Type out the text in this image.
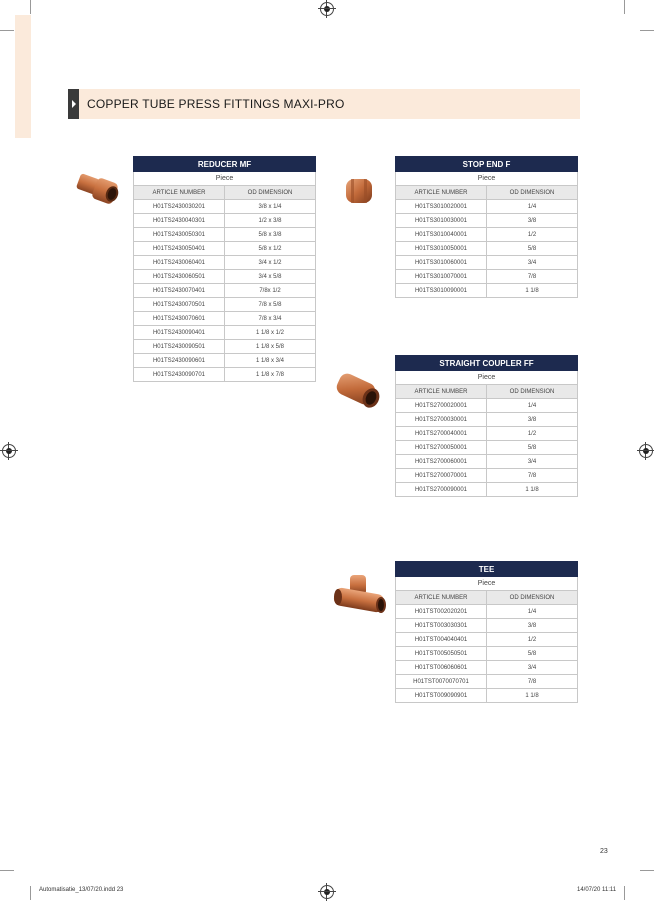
COPPER TUBE PRESS FITTINGS MAXI-PRO
REDUCER MF	
Piece	
ARTICLE NUMBER	OD DIMENSION
H01TS2430030201	3/8 x 1/4
H01TS2430040301	1/2 x 3/8
H01TS2430050301	5/8 x 3/8
H01TS2430050401	5/8 x 1/2
H01TS2430060401	3/4 x 1/2
H01TS2430060501	3/4 x 5/8
H01TS2430070401	7/8x 1/2
H01TS2430070501	7/8 x 5/8
H01TS2430070601	7/8 x 3/4
H01TS2430090401	1 1/8 x 1/2
H01TS2430090501	1 1/8 x 5/8
H01TS2430090601	1 1/8 x 3/4
H01TS2430090701	1 1/8 x 7/8
STOP END F	
Piece	
ARTICLE NUMBER	OD DIMENSION
H01TS3010020001	1/4
H01TS3010030001	3/8
H01TS3010040001	1/2
H01TS3010050001	5/8
H01TS3010060001	3/4
H01TS3010070001	7/8
H01TS3010090001	1 1/8
STRAIGHT COUPLER FF	
Piece	
ARTICLE NUMBER	OD DIMENSION
H01TS2700020001	1/4
H01TS2700030001	3/8
H01TS2700040001	1/2
H01TS2700050001	5/8
H01TS2700060001	3/4
H01TS2700070001	7/8
H01TS2700090001	1 1/8
TEE	
Piece	
ARTICLE NUMBER	OD DIMENSION
H01TST002020201	1/4
H01TST003030301	3/8
H01TST004040401	1/2
H01TST005050501	5/8
H01TST006060601	3/4
H01TST0070070701	7/8
H01TST009090901	1 1/8
23
Automatisatie_13/07/20.indd 23	14/07/20 11:11
